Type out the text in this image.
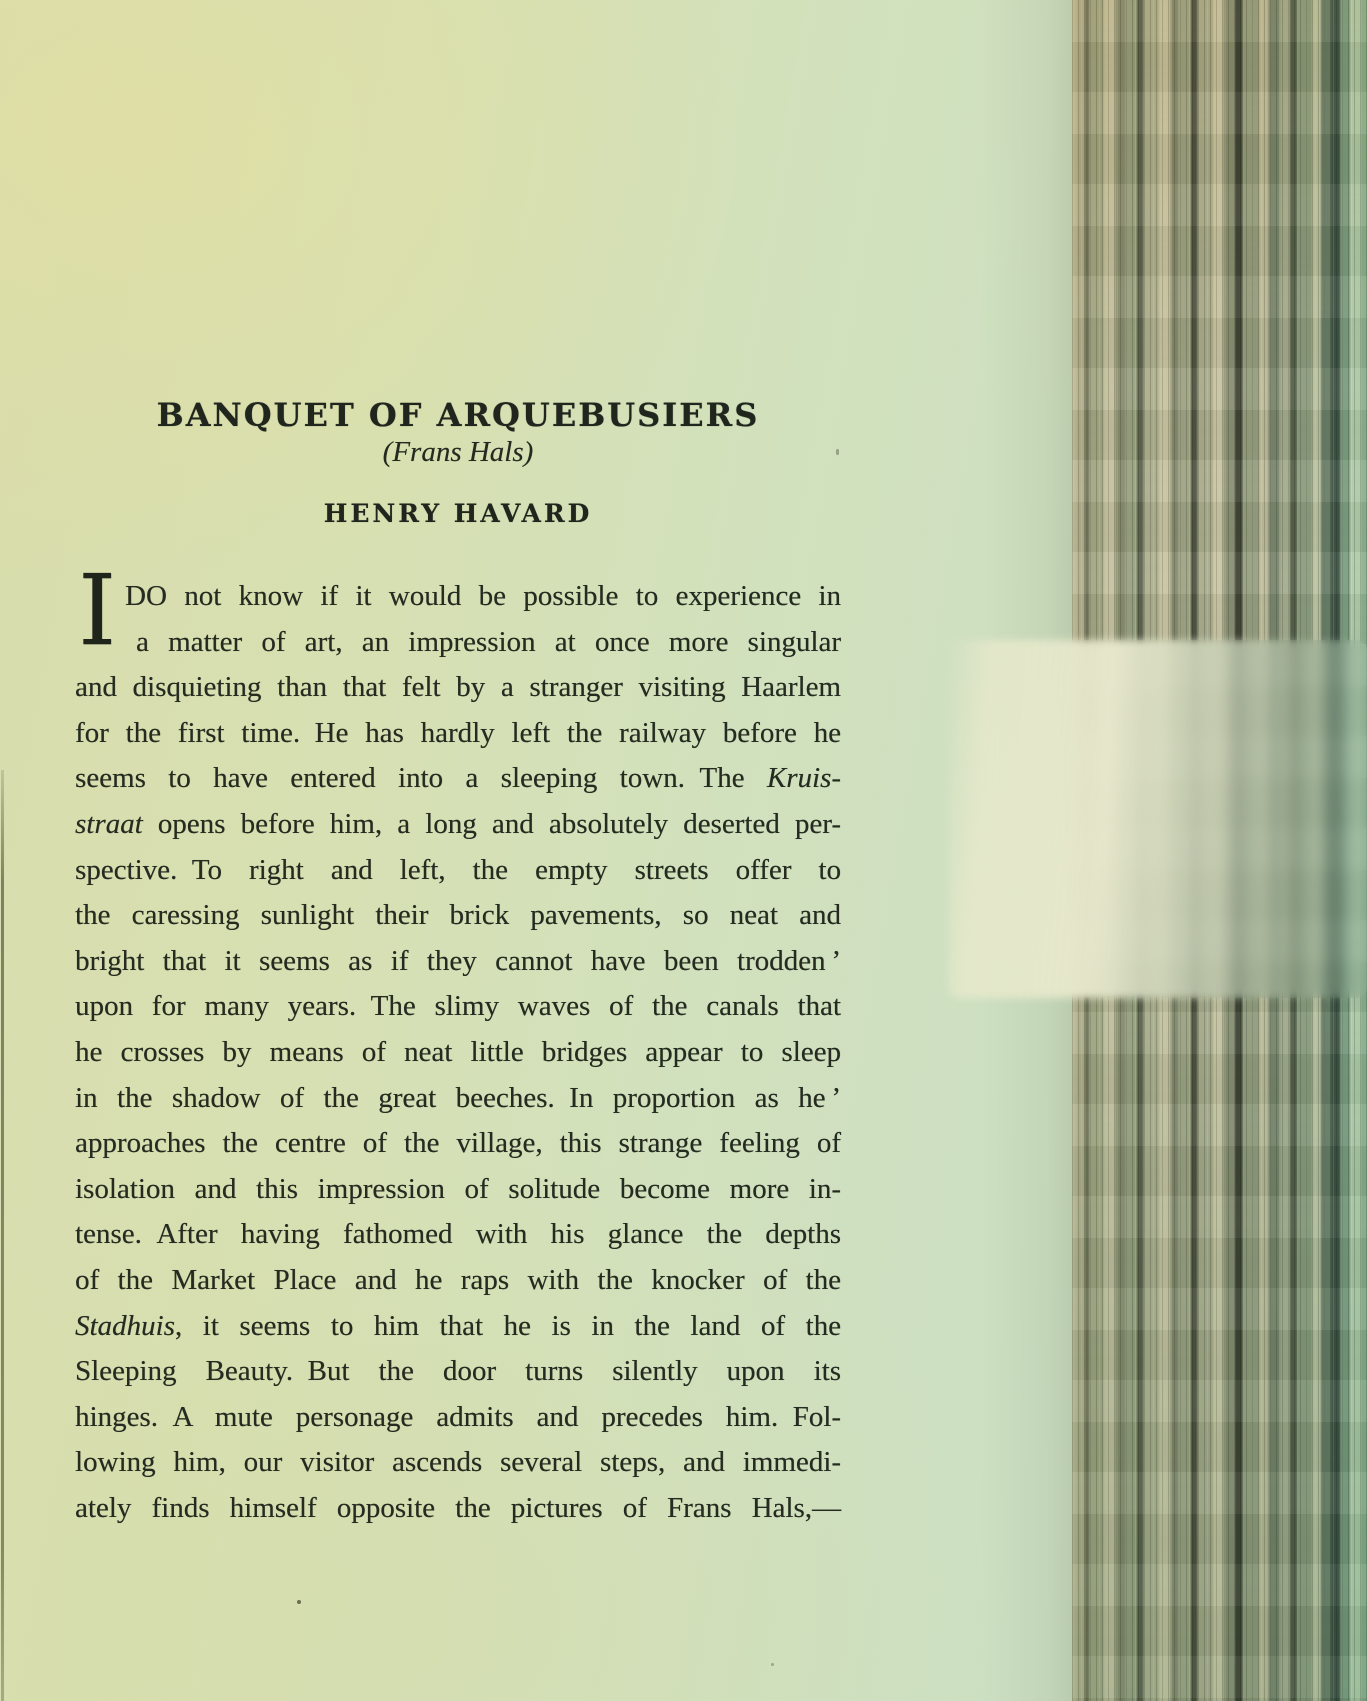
BANQUET OF ARQUEBUSIERS
(Frans Hals)
HENRY HAVARD
I DO not know if it would be possible to experience in
a matter of art, an impression at once more singular
and disquieting than that felt by a stranger visiting Haarlem
for the first time. He has hardly left the railway before he
seems to have entered into a sleeping town. The Kruis-
straat opens before him, a long and absolutely deserted per-
spective. To right and left, the empty streets offer to
the caressing sunlight their brick pavements, so neat and
bright that it seems as if they cannot have been trodden ’
upon for many years. The slimy waves of the canals that
he crosses by means of neat little bridges appear to sleep
in the shadow of the great beeches. In proportion as he ’
approaches the centre of the village, this strange feeling of
isolation and this impression of solitude become more in-
tense. After having fathomed with his glance the depths
of the Market Place and he raps with the knocker of the
Stadhuis, it seems to him that he is in the land of the
Sleeping Beauty. But the door turns silently upon its
hinges. A mute personage admits and precedes him. Fol-
lowing him, our visitor ascends several steps, and immedi-
ately finds himself opposite the pictures of Frans Hals,—
